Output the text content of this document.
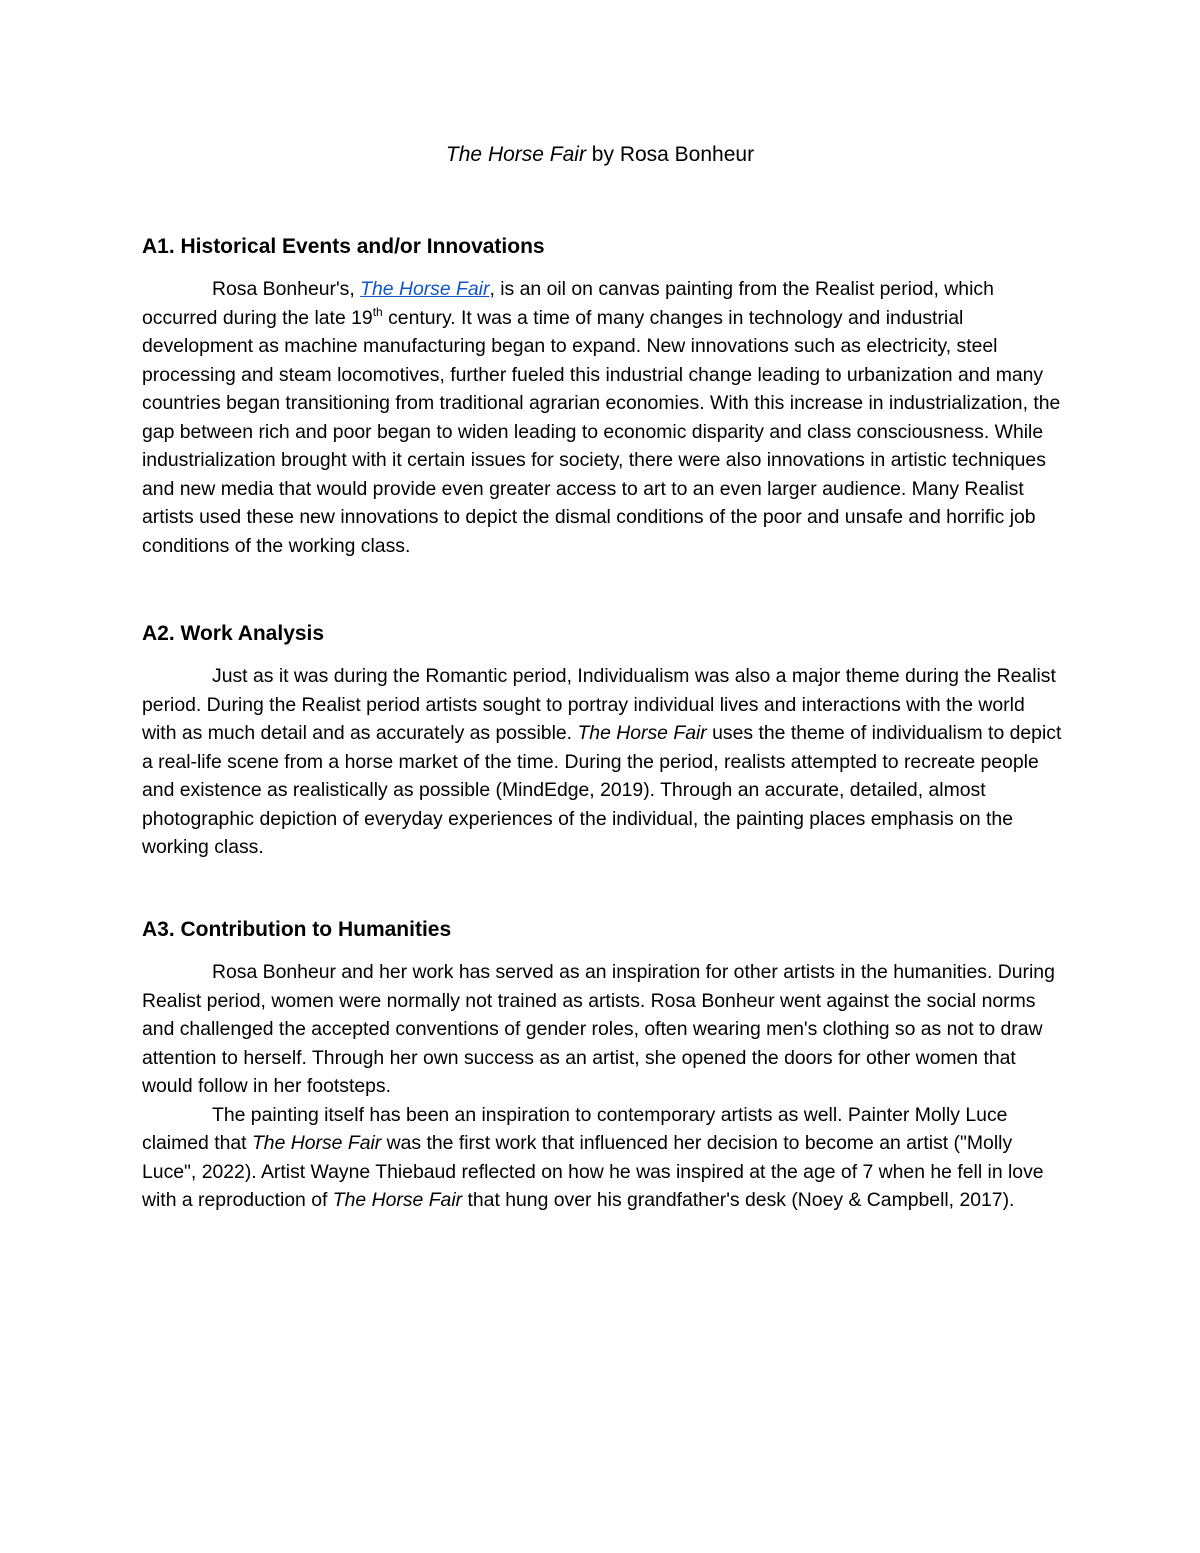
The Horse Fair by Rosa Bonheur
A1. Historical Events and/or Innovations

Rosa Bonheur's, The Horse Fair, is an oil on canvas painting from the Realist period, which occurred during the late 19th century. It was a time of many changes in technology and industrial development as machine manufacturing began to expand. New innovations such as electricity, steel processing and steam locomotives, further fueled this industrial change leading to urbanization and many countries began transitioning from traditional agrarian economies. With this increase in industrialization, the gap between rich and poor began to widen leading to economic disparity and class consciousness. While industrialization brought with it certain issues for society, there were also innovations in artistic techniques and new media that would provide even greater access to art to an even larger audience. Many Realist artists used these new innovations to depict the dismal conditions of the poor and unsafe and horrific job conditions of the working class.

A2. Work Analysis

Just as it was during the Romantic period, Individualism was also a major theme during the Realist period. During the Realist period artists sought to portray individual lives and interactions with the world with as much detail and as accurately as possible. The Horse Fair uses the theme of individualism to depict a real-life scene from a horse market of the time. During the period, realists attempted to recreate people and existence as realistically as possible (MindEdge, 2019). Through an accurate, detailed, almost photographic depiction of everyday experiences of the individual, the painting places emphasis on the working class.

A3. Contribution to Humanities

Rosa Bonheur and her work has served as an inspiration for other artists in the humanities. During Realist period, women were normally not trained as artists. Rosa Bonheur went against the social norms and challenged the accepted conventions of gender roles, often wearing men's clothing so as not to draw attention to herself. Through her own success as an artist, she opened the doors for other women that would follow in her footsteps.

The painting itself has been an inspiration to contemporary artists as well. Painter Molly Luce claimed that The Horse Fair was the first work that influenced her decision to become an artist ("Molly Luce", 2022). Artist Wayne Thiebaud reflected on how he was inspired at the age of 7 when he fell in love with a reproduction of The Horse Fair that hung over his grandfather's desk (Noey & Campbell, 2017).
